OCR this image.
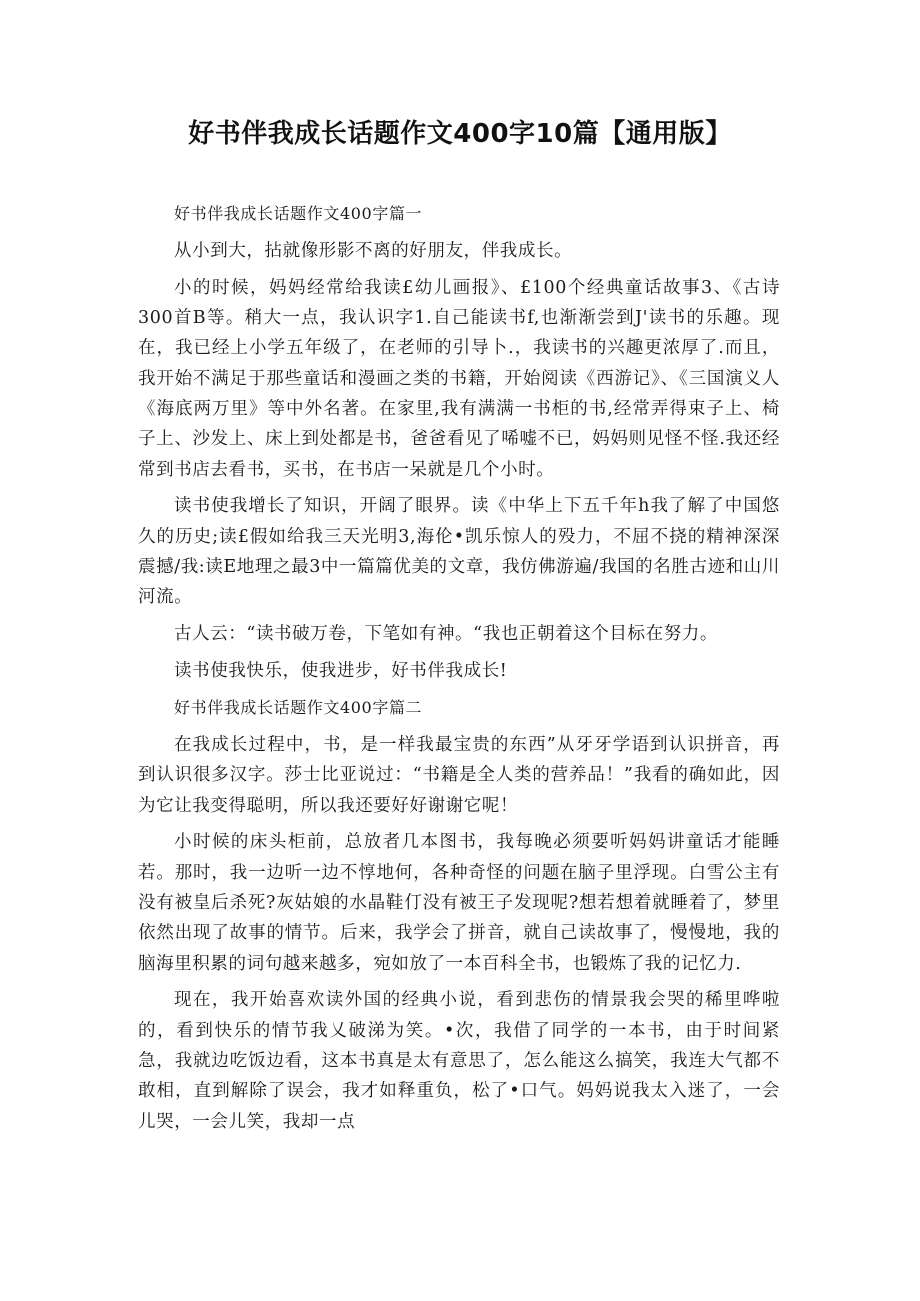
好书伴我成长话题作文400字10篇【通用版】

好书伴我成长话题作文400字篇一

从小到大，拈就像形影不离的好朋友，伴我成长。

小的时候，妈妈经常给我读£幼儿画报》、£100个经典童话故事3、《古诗300首B等。稍大一点，我认识字1.自己能读书f,也渐渐尝到J'读书的乐趣。现在，我已经上小学五年级了，在老师的引导卜.，我读书的兴趣更浓厚了.而且，我开始不满足于那些童话和漫画之类的书籍，开始阅读《西游记》、《三国演义人《海底两万里》等中外名著。在家里,我有满满一书柜的书,经常弄得束子上、椅子上、沙发上、床上到处都是书，爸爸看见了唏嘘不已，妈妈则见怪不怪.我还经常到书店去看书，买书，在书店一呆就是几个小时。

读书使我增长了知识，开阔了眼界。读《中华上下五千年h我了解了中国悠久的历史;读£假如给我三天光明3,海伦•凯乐惊人的殁力，不屈不挠的精神深深震撼/我:读E地理之最3中一篇篇优美的文章，我仿佛游遍/我国的名胜古迹和山川河流。

古人云：“读书破万卷，下笔如有神。“我也正朝着这个目标在努力。

读书使我快乐，使我进步，好书伴我成长!

好书伴我成长话题作文400字篇二

在我成长过程中，书，是一样我最宝贵的东西”从牙牙学语到认识拼音，再到认识很多汉字。莎士比亚说过：“书籍是全人类的营养品！”我看的确如此，因为它让我变得聪明，所以我还要好好谢谢它呢！

小时候的床头柜前，总放者几本图书，我每晚必须要听妈妈讲童话才能睡若。那时，我一边听一边不惇地何，各种奇怪的问题在脑子里浮现。白雪公主有没有被皇后杀死?灰姑娘的水晶鞋仃没有被王子发现呢?想若想着就睡着了，梦里依然出现了故事的情节。后来，我学会了拼音，就自己读故事了，慢慢地，我的脑海里积累的词句越来越多，宛如放了一本百科全书，也锻炼了我的记忆力.

现在，我开始喜欢读外国的经典小说，看到悲伤的情景我会哭的稀里哗啦的，看到快乐的情节我乂破涕为笑。•次，我借了同学的一本书，由于时间紧急，我就边吃饭边看，这本书真是太有意思了，怎么能这么搞笑，我连大气都不敢相，直到解除了误会，我才如释重负，松了•口气。妈妈说我太入迷了，一会儿哭，一会儿笑，我却一点
